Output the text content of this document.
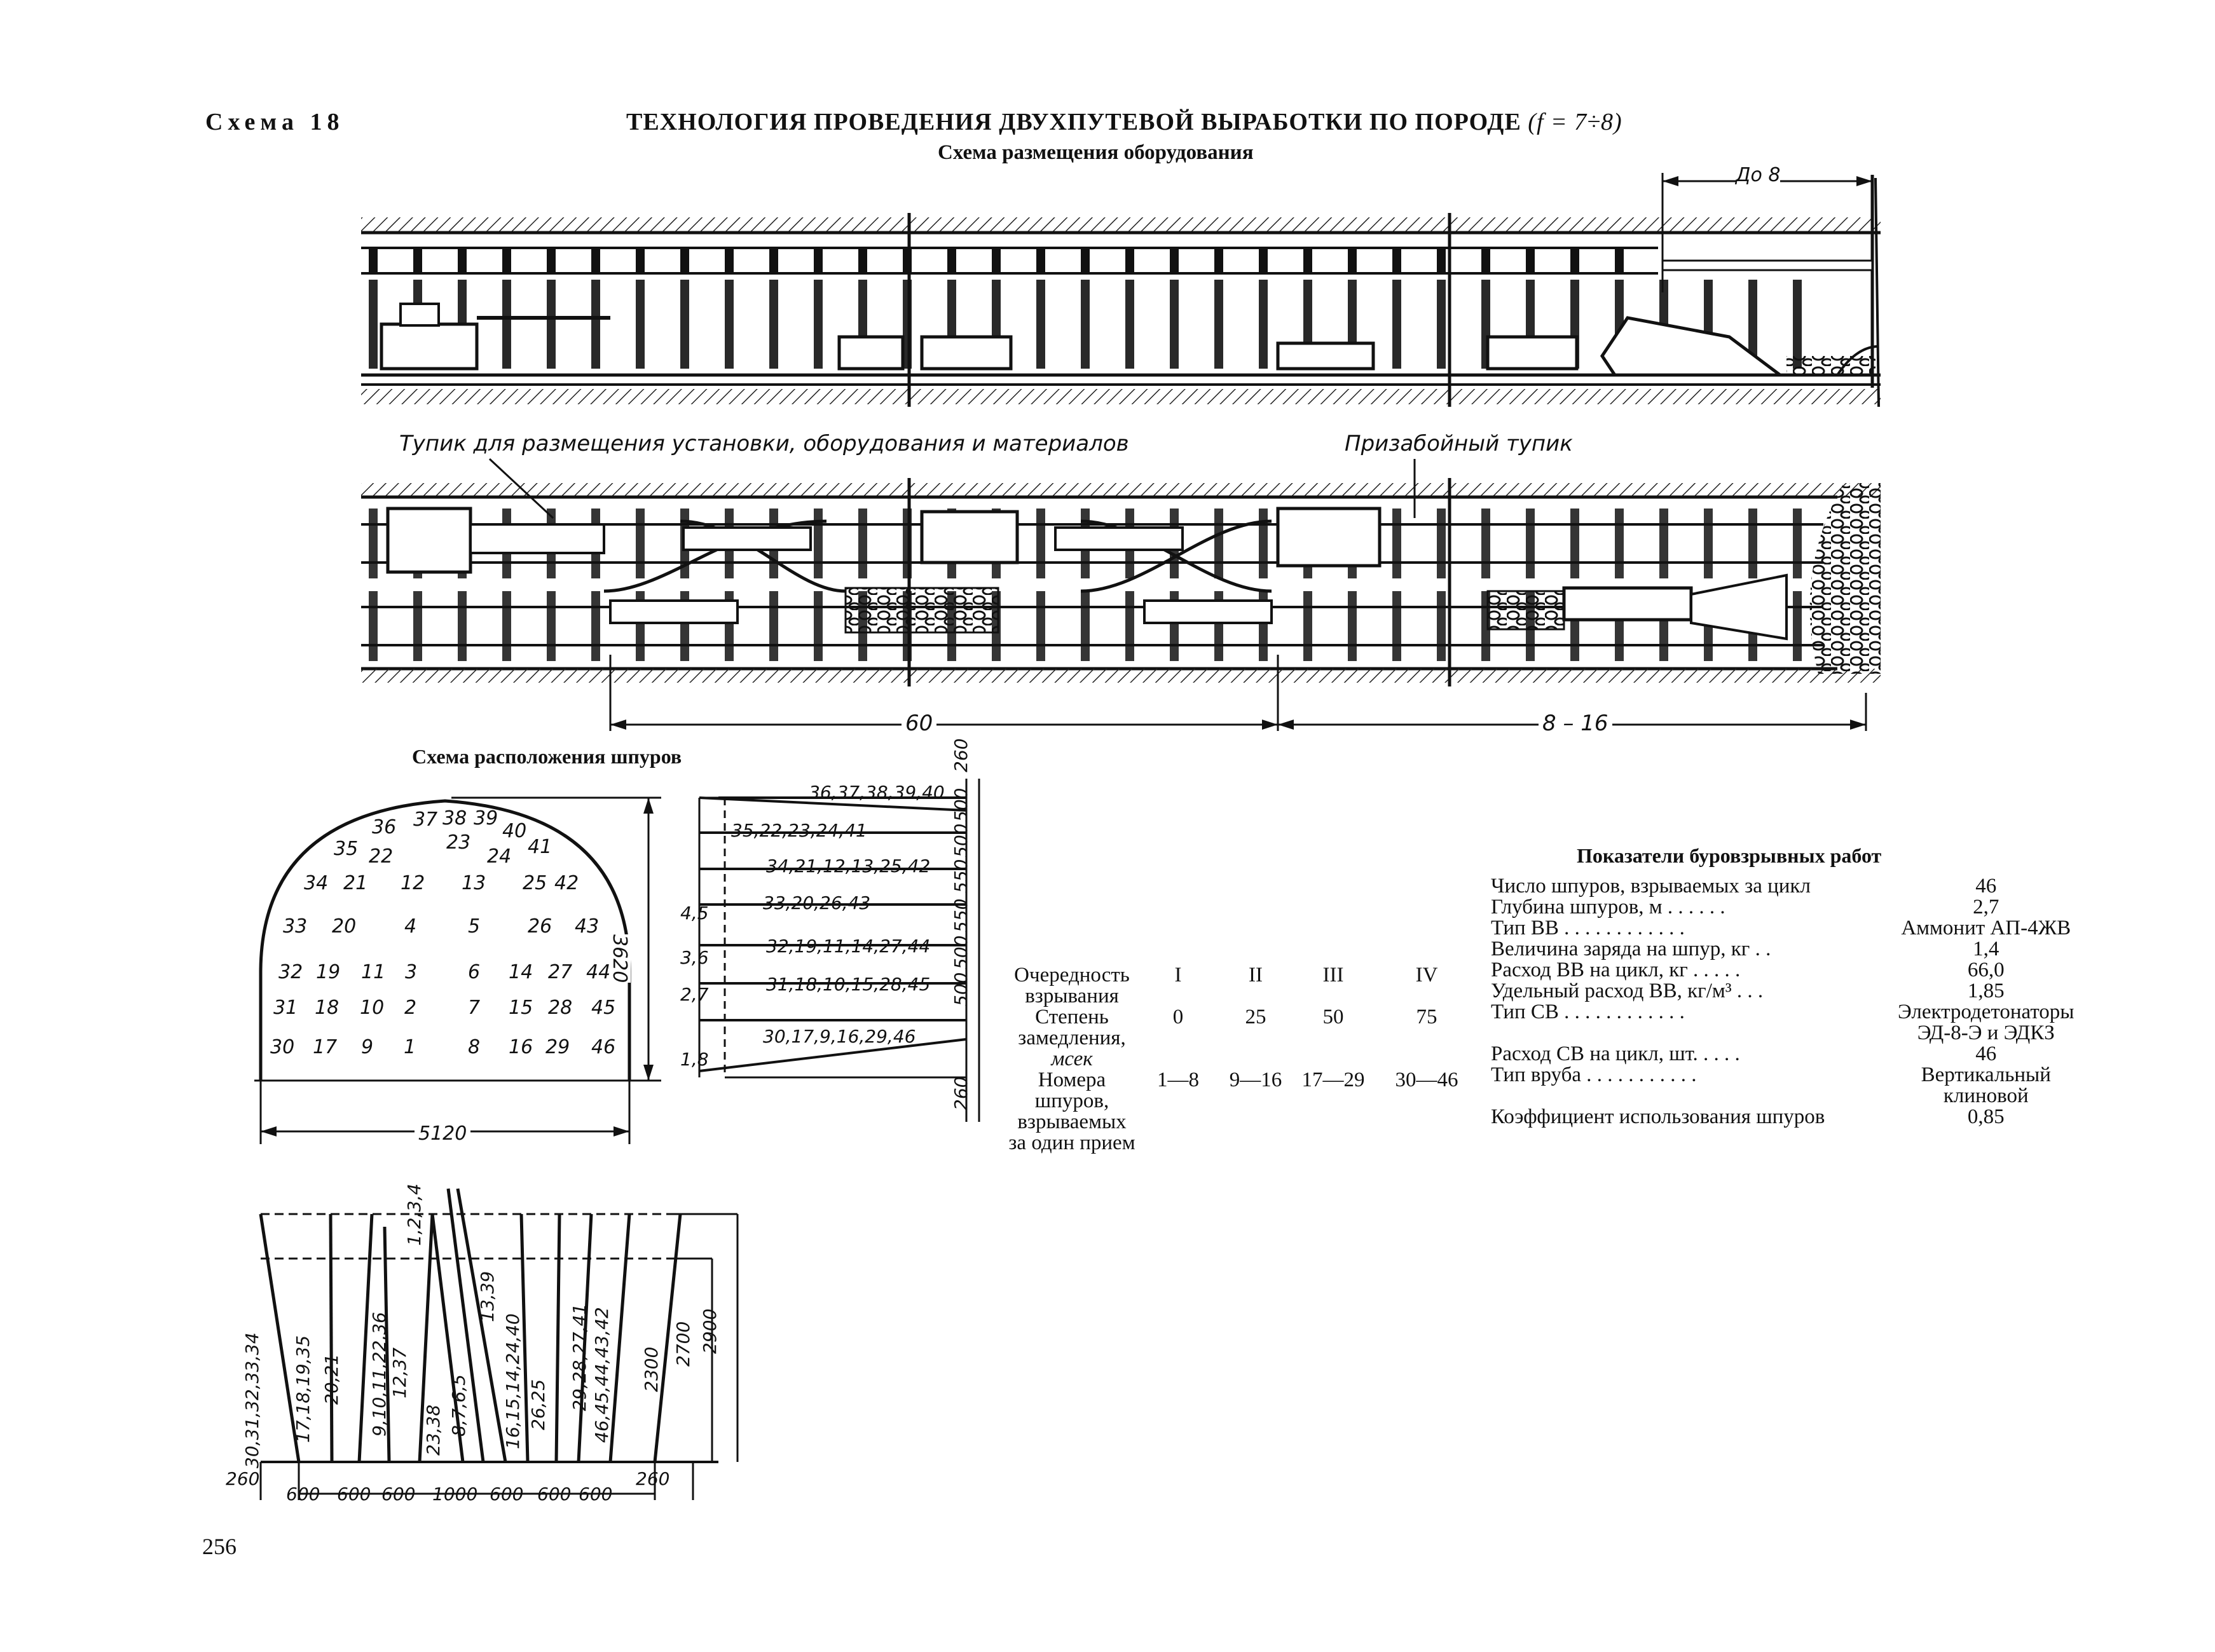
Схема 18	ТЕХНОЛОГИЯ ПРОВЕДЕНИЯ ДВУХПУТЕВОЙ ВЫРАБОТКИ ПО ПОРОДЕ (f = 7÷8)
Схема размещения оборудования
До 8
Тупик для размещения установки, оборудования и материалов	Призабойный тупик
60	8 – 16
Схема расположения шпуров
5120
3620
30 17 9 1	8 16 29 46
31 18 10 2	7 15 28 45
32 19 11 3	6 14 27 44
33 20	4	5 26 43
34 21 12 13 25 42
35 22
23
24 41
36 37 38 39
40
36,37,38,39,40
35,22,23,24,41
34,21,12,13,25,42
33,20,26,43
32,19,11,14,27,44
31,18,10,15,28,45
30,17,9,16,29,46
4,5
3,6
2,7
1,8
260
500
500
550
550
500
500
260
30,31,32,33,34 17,18,19,35 20,21 9,10,11,22,36 12,37
1,2,3,4
23,38 8,7,6,5 16,15,14,24,40
13,39
26,25 29,28,27,41 46,45,44,43,42
260
600 600 600 1000 600 600 600
260
2300
2700 2900
Очередность взрывания	I	II	III	IV
Степень замедления,
мсек	0	25	50	75
Номера шпуров, взрываемых за один прием	1—8	9—16	17—29	30—46
Показатели буровзрывных работ
Число шпуров, взрываемых за цикл	46
Глубина шпуров, м . . . . . .	2,7
Тип ВВ . . . . . . . . . . . .	Аммонит АП-4ЖВ
Величина заряда на шпур, кг . .	1,4
Расход ВВ на цикл, кг . . . . .	66,0
Удельный расход ВВ, кг/м³ . . .	1,85
Тип СВ . . . . . . . . . . . .	Электродетонаторы ЭД-8-Э и ЭДКЗ
Расход СВ на цикл, шт. . . . .	46
Тип вруба . . . . . . . . . . .	Вертикальный клиновой
Коэффициент использования шпуров	0,85
256
